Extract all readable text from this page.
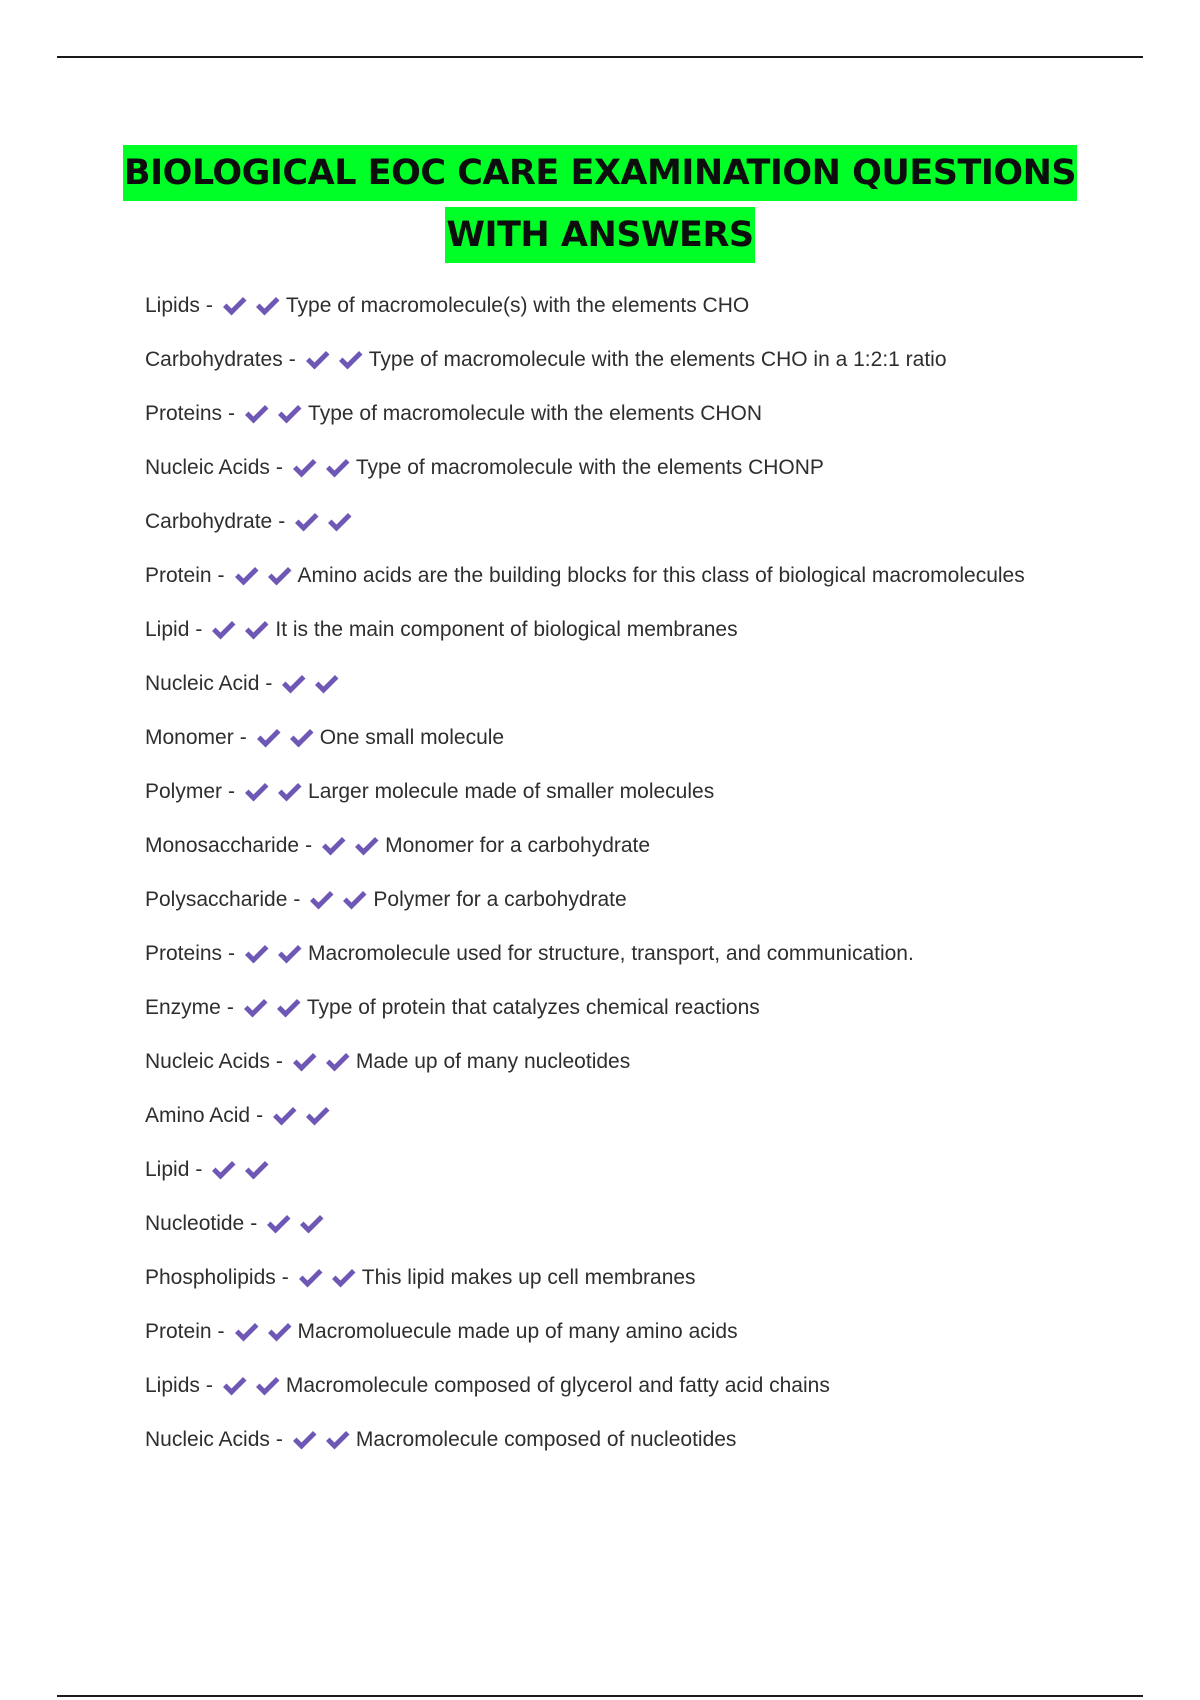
BIOLOGICAL EOC CARE EXAMINATION QUESTIONS
WITH ANSWERS
Lipids -	Type of macromolecule(s) with the elements CHO
Carbohydrates -	Type of macromolecule with the elements CHO in a 1:2:1 ratio
Proteins -	Type of macromolecule with the elements CHON
Nucleic Acids -	Type of macromolecule with the elements CHONP
Carbohydrate -
Protein -	Amino acids are the building blocks for this class of biological macromolecules
Lipid -	It is the main component of biological membranes
Nucleic Acid -
Monomer -	One small molecule
Polymer -	Larger molecule made of smaller molecules
Monosaccharide -	Monomer for a carbohydrate
Polysaccharide -	Polymer for a carbohydrate
Proteins -	Macromolecule used for structure, transport, and communication.
Enzyme -	Type of protein that catalyzes chemical reactions
Nucleic Acids -	Made up of many nucleotides
Amino Acid -
Lipid -
Nucleotide -
Phospholipids -	This lipid makes up cell membranes
Protein -	Macromoluecule made up of many amino acids
Lipids -	Macromolecule composed of glycerol and fatty acid chains
Nucleic Acids -	Macromolecule composed of nucleotides
